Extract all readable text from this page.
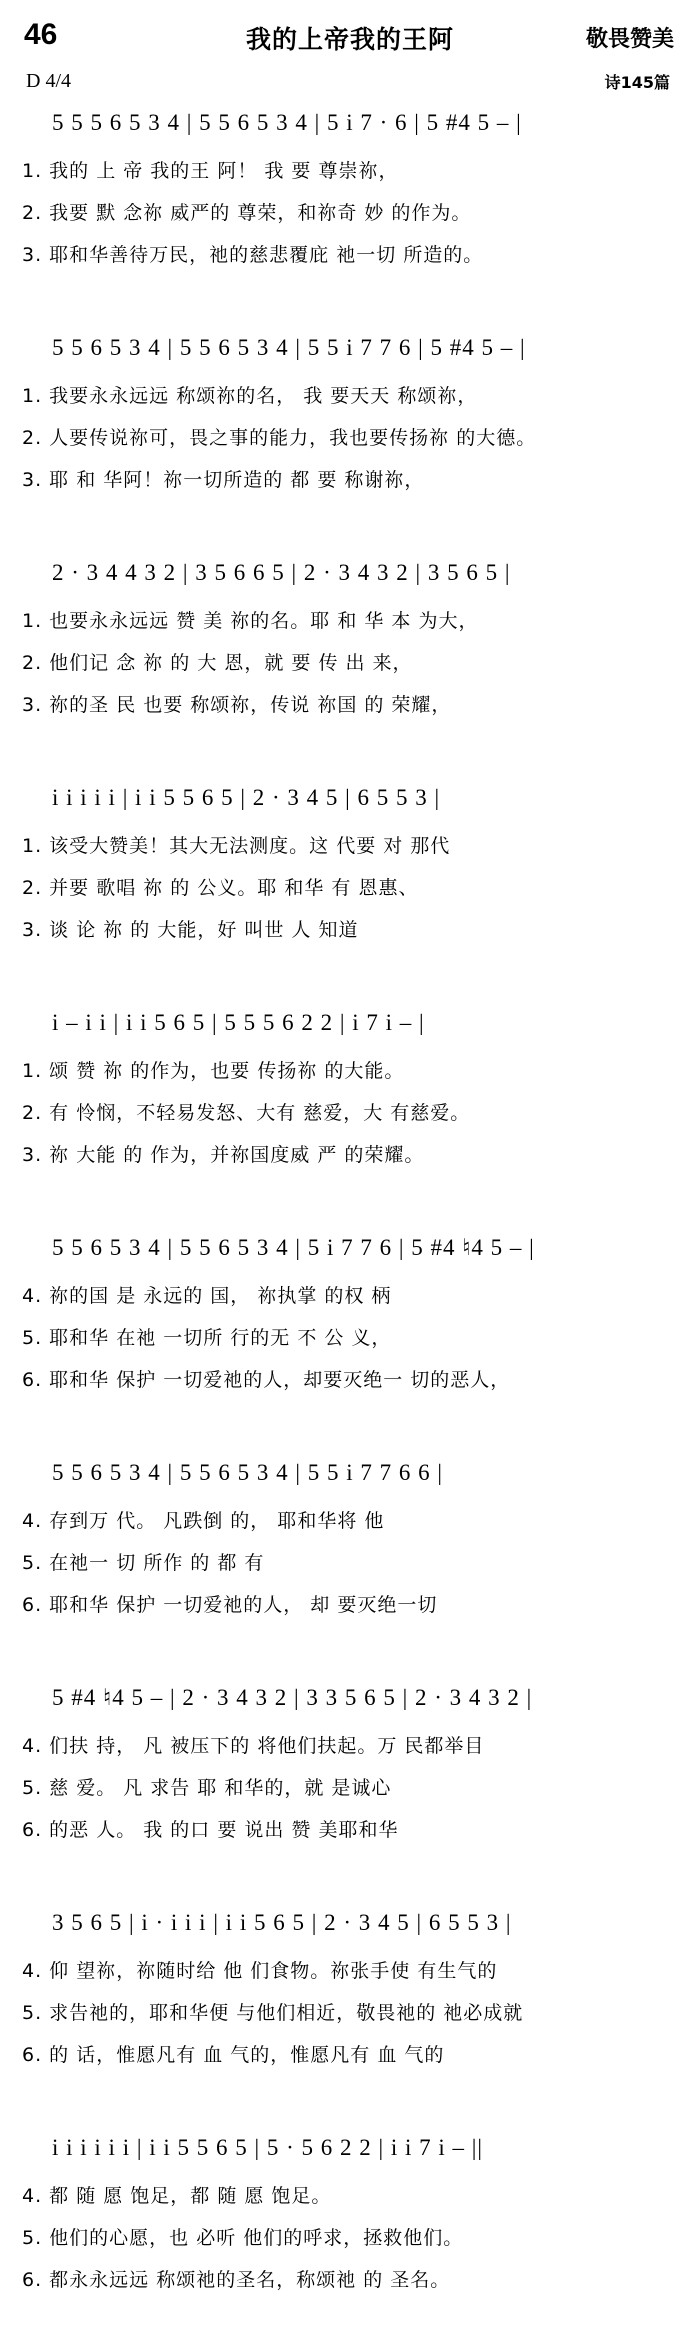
46	我的上帝我的王阿	敬畏赞美
D 4/4	诗145篇
5 5 5 6 5 3 4 | 5 5 6 5 3 4 | 5 i 7 · 6 | 5 #4 5 – |
1. 我的 上 帝 我的王 阿！ 我 要 尊崇祢，
2. 我要 默 念祢 威严的 尊荣，和祢奇 妙 的作为。
3. 耶和华善待万民，祂的慈悲覆庇 祂一切 所造的。
5 5 6 5 3 4 | 5 5 6 5 3 4 | 5 5 i 7 7 6 | 5 #4 5 – |
1. 我要永永远远 称颂祢的名， 我 要天天 称颂祢，
2. 人要传说祢可，畏之事的能力，我也要传扬祢 的大德。
3. 耶 和 华阿！祢一切所造的 都 要 称谢祢，
2 · 3 4 4 3 2 | 3 5 6 6 5 | 2 · 3 4 3 2 | 3 5 6 5 |
1. 也要永永远远 赞 美 祢的名。耶 和 华 本 为大，
2. 他们记 念 祢 的 大 恩，就 要 传 出 来，
3. 祢的圣 民 也要 称颂祢，传说 祢国 的 荣耀，
i i i i i | i i 5 5 6 5 | 2 · 3 4 5 | 6 5 5 3 |
1. 该受大赞美！其大无法测度。这 代要 对 那代
2. 并要 歌唱 祢 的 公义。耶 和华 有 恩惠、
3. 谈 论 祢 的 大能，好 叫世 人 知道
i – i i | i i 5 6 5 | 5 5 5 6 2 2 | i 7 i – |
1. 颂 赞 祢 的作为，也要 传扬祢 的大能。
2. 有 怜悯，不轻易发怒、大有 慈爱，大 有慈爱。
3. 祢 大能 的 作为，并祢国度威 严 的荣耀。
5 5 6 5 3 4 | 5 5 6 5 3 4 | 5 i 7 7 6 | 5 #4 ♮4 5 – |
4. 祢的国 是 永远的 国， 祢执掌 的权 柄
5. 耶和华 在祂 一切所 行的无 不 公 义，
6. 耶和华 保护 一切爱祂的人，却要灭绝一 切的恶人，
5 5 6 5 3 4 | 5 5 6 5 3 4 | 5 5 i 7 7 6 6 |
4. 存到万 代。 凡跌倒 的， 耶和华将 他
5. 在祂一 切 所作 的 都 有
6. 耶和华 保护 一切爱祂的人， 却 要灭绝一切
5 #4 ♮4 5 – | 2 · 3 4 3 2 | 3 3 5 6 5 | 2 · 3 4 3 2 |
4. 们扶 持， 凡 被压下的 将他们扶起。万 民都举目
5. 慈 爱。 凡 求告 耶 和华的，就 是诚心
6. 的恶 人。 我 的口 要 说出 赞 美耶和华
3 5 6 5 | i · i i i | i i 5 6 5 | 2 · 3 4 5 | 6 5 5 3 |
4. 仰 望祢，祢随时给 他 们食物。祢张手使 有生气的
5. 求告祂的，耶和华便 与他们相近，敬畏祂的 祂必成就
6. 的 话，惟愿凡有 血 气的，惟愿凡有 血 气的
i i i i i i | i i 5 5 6 5 | 5 · 5 6 2 2 | i i 7 i – ||
4. 都 随 愿 饱足，都 随 愿 饱足。
5. 他们的心愿，也 必听 他们的呼求，拯救他们。
6. 都永永远远 称颂祂的圣名，称颂祂 的 圣名。
